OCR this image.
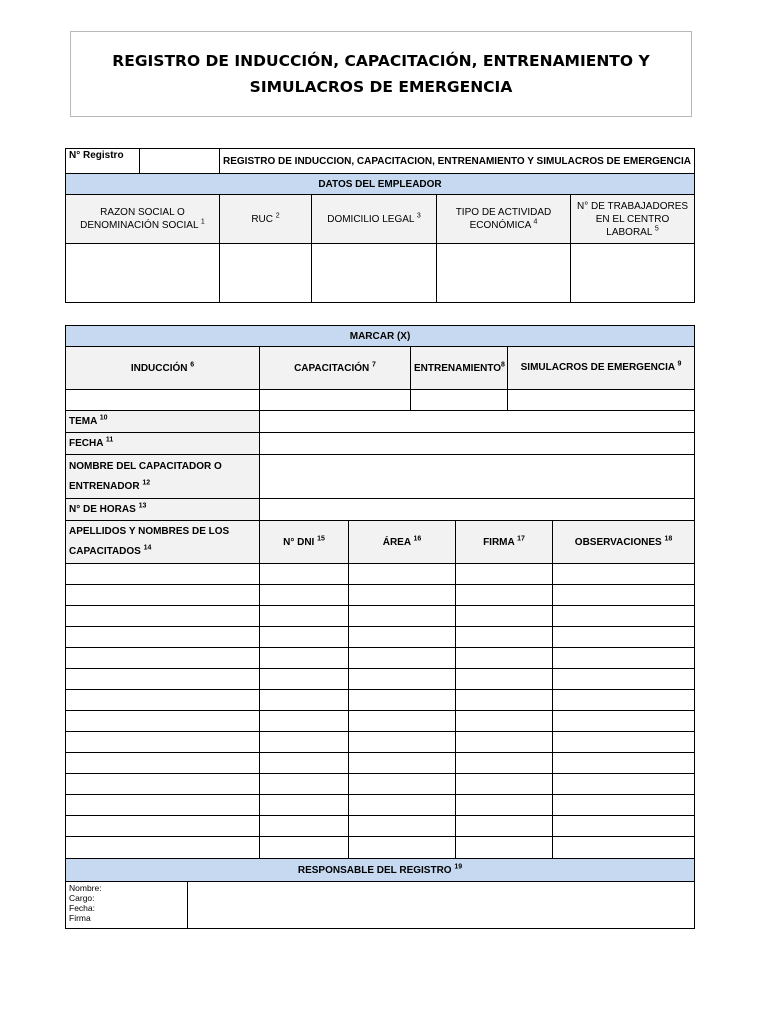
REGISTRO DE INDUCCIÓN, CAPACITACIÓN, ENTRENAMIENTO Y SIMULACROS DE EMERGENCIA
N° Registro		REGISTRO DE INDUCCION, CAPACITACION, ENTRENAMIENTO Y SIMULACROS DE EMERGENCIA			
DATOS DEL EMPLEADOR					
RAZON SOCIAL O DENOMINACIÓN SOCIAL $^1$		RUC $^2$	DOMICILIO LEGAL $^3$	TIPO DE ACTIVIDAD ECONÓMICA $^4$	N° DE TRABAJADORES EN EL CENTRO LABORAL $^5$

MARCAR (X)							
INDUCCIÓN $^6$		CAPACITACIÓN $^7$		ENTRENAMIENTO$^8$		SIMULACROS DE EMERGENCIA $^9$

TEMA $^{10}$	
FECHA $^{11}$	
NOMBRE DEL CAPACITADOR O ENTRENADOR $^{12}$	
N° DE HORAS $^{13}$	
APELLIDOS Y NOMBRES DE LOS CAPACITADOS $^{14}$		N° DNI $^{15}$	ÁREA $^{16}$		FIRMA $^{17}$		OBSERVACIONES $^{18}$

RESPONSABLE DEL REGISTRO $^{19}$

Nombre:
Cargo:
Fecha:
Firma							
